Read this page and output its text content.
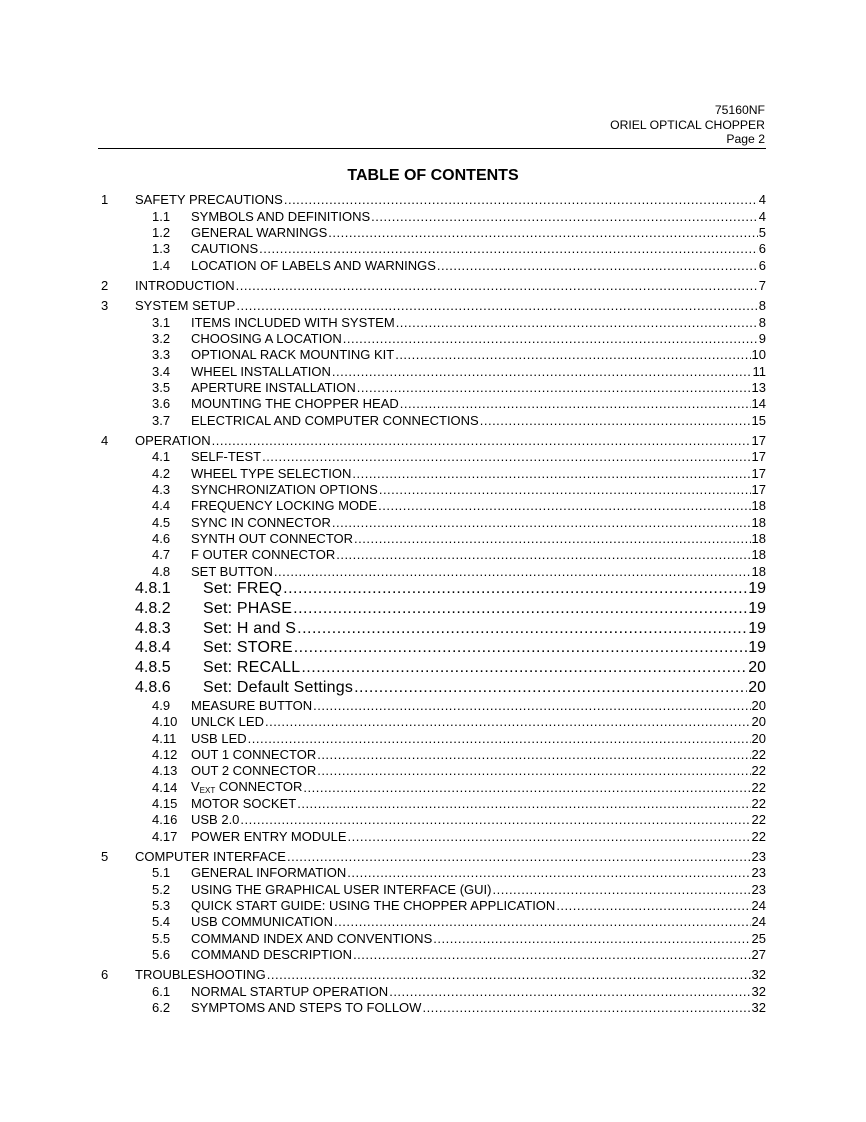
75160NF
ORIEL OPTICAL CHOPPER
Page 2
TABLE OF CONTENTS
1	SAFETY PRECAUTIONS .....	4
1.1	SYMBOLS AND DEFINITIONS .....	4
1.2	GENERAL WARNINGS .....	5
1.3	CAUTIONS .....	6
1.4	LOCATION OF LABELS AND WARNINGS .....	6
2	INTRODUCTION .....	7
3	SYSTEM SETUP .....	8
3.1	ITEMS INCLUDED WITH SYSTEM .....	8
3.2	CHOOSING A LOCATION .....	9
3.3	OPTIONAL RACK MOUNTING KIT .....	10
3.4	WHEEL INSTALLATION .....	11
3.5	APERTURE INSTALLATION .....	13
3.6	MOUNTING THE CHOPPER HEAD .....	14
3.7	ELECTRICAL AND COMPUTER CONNECTIONS .....	15
4	OPERATION .....	17
4.1	SELF-TEST .....	17
4.2	WHEEL TYPE SELECTION .....	17
4.3	SYNCHRONIZATION OPTIONS .....	17
4.4	FREQUENCY LOCKING MODE .....	18
4.5	SYNC IN CONNECTOR .....	18
4.6	SYNTH OUT CONNECTOR .....	18
4.7	F OUTER CONNECTOR .....	18
4.8	SET BUTTON .....	18
4.8.1	Set: FREQ .....	19
4.8.2	Set: PHASE .....	19
4.8.3	Set: H and S .....	19
4.8.4	Set: STORE .....	19
4.8.5	Set: RECALL .....	20
4.8.6	Set: Default Settings .....	20
4.9	MEASURE BUTTON .....	20
4.10	UNLCK LED .....	20
4.11	USB LED .....	20
4.12	OUT 1 CONNECTOR .....	22
4.13	OUT 2 CONNECTOR .....	22
4.14	$V_{EXT}$ CONNECTOR .....	22
4.15	MOTOR SOCKET .....	22
4.16	USB 2.0 .....	22
4.17	POWER ENTRY MODULE .....	22
5	COMPUTER INTERFACE .....	23
5.1	GENERAL INFORMATION .....	23
5.2	USING THE GRAPHICAL USER INTERFACE (GUI) .....	23
5.3	QUICK START GUIDE: USING THE CHOPPER APPLICATION .....	24
5.4	USB COMMUNICATION .....	24
5.5	COMMAND INDEX AND CONVENTIONS .....	25
5.6	COMMAND DESCRIPTION .....	27
6	TROUBLESHOOTING .....	32
6.1	NORMAL STARTUP OPERATION .....	32
6.2	SYMPTOMS AND STEPS TO FOLLOW .....	32
